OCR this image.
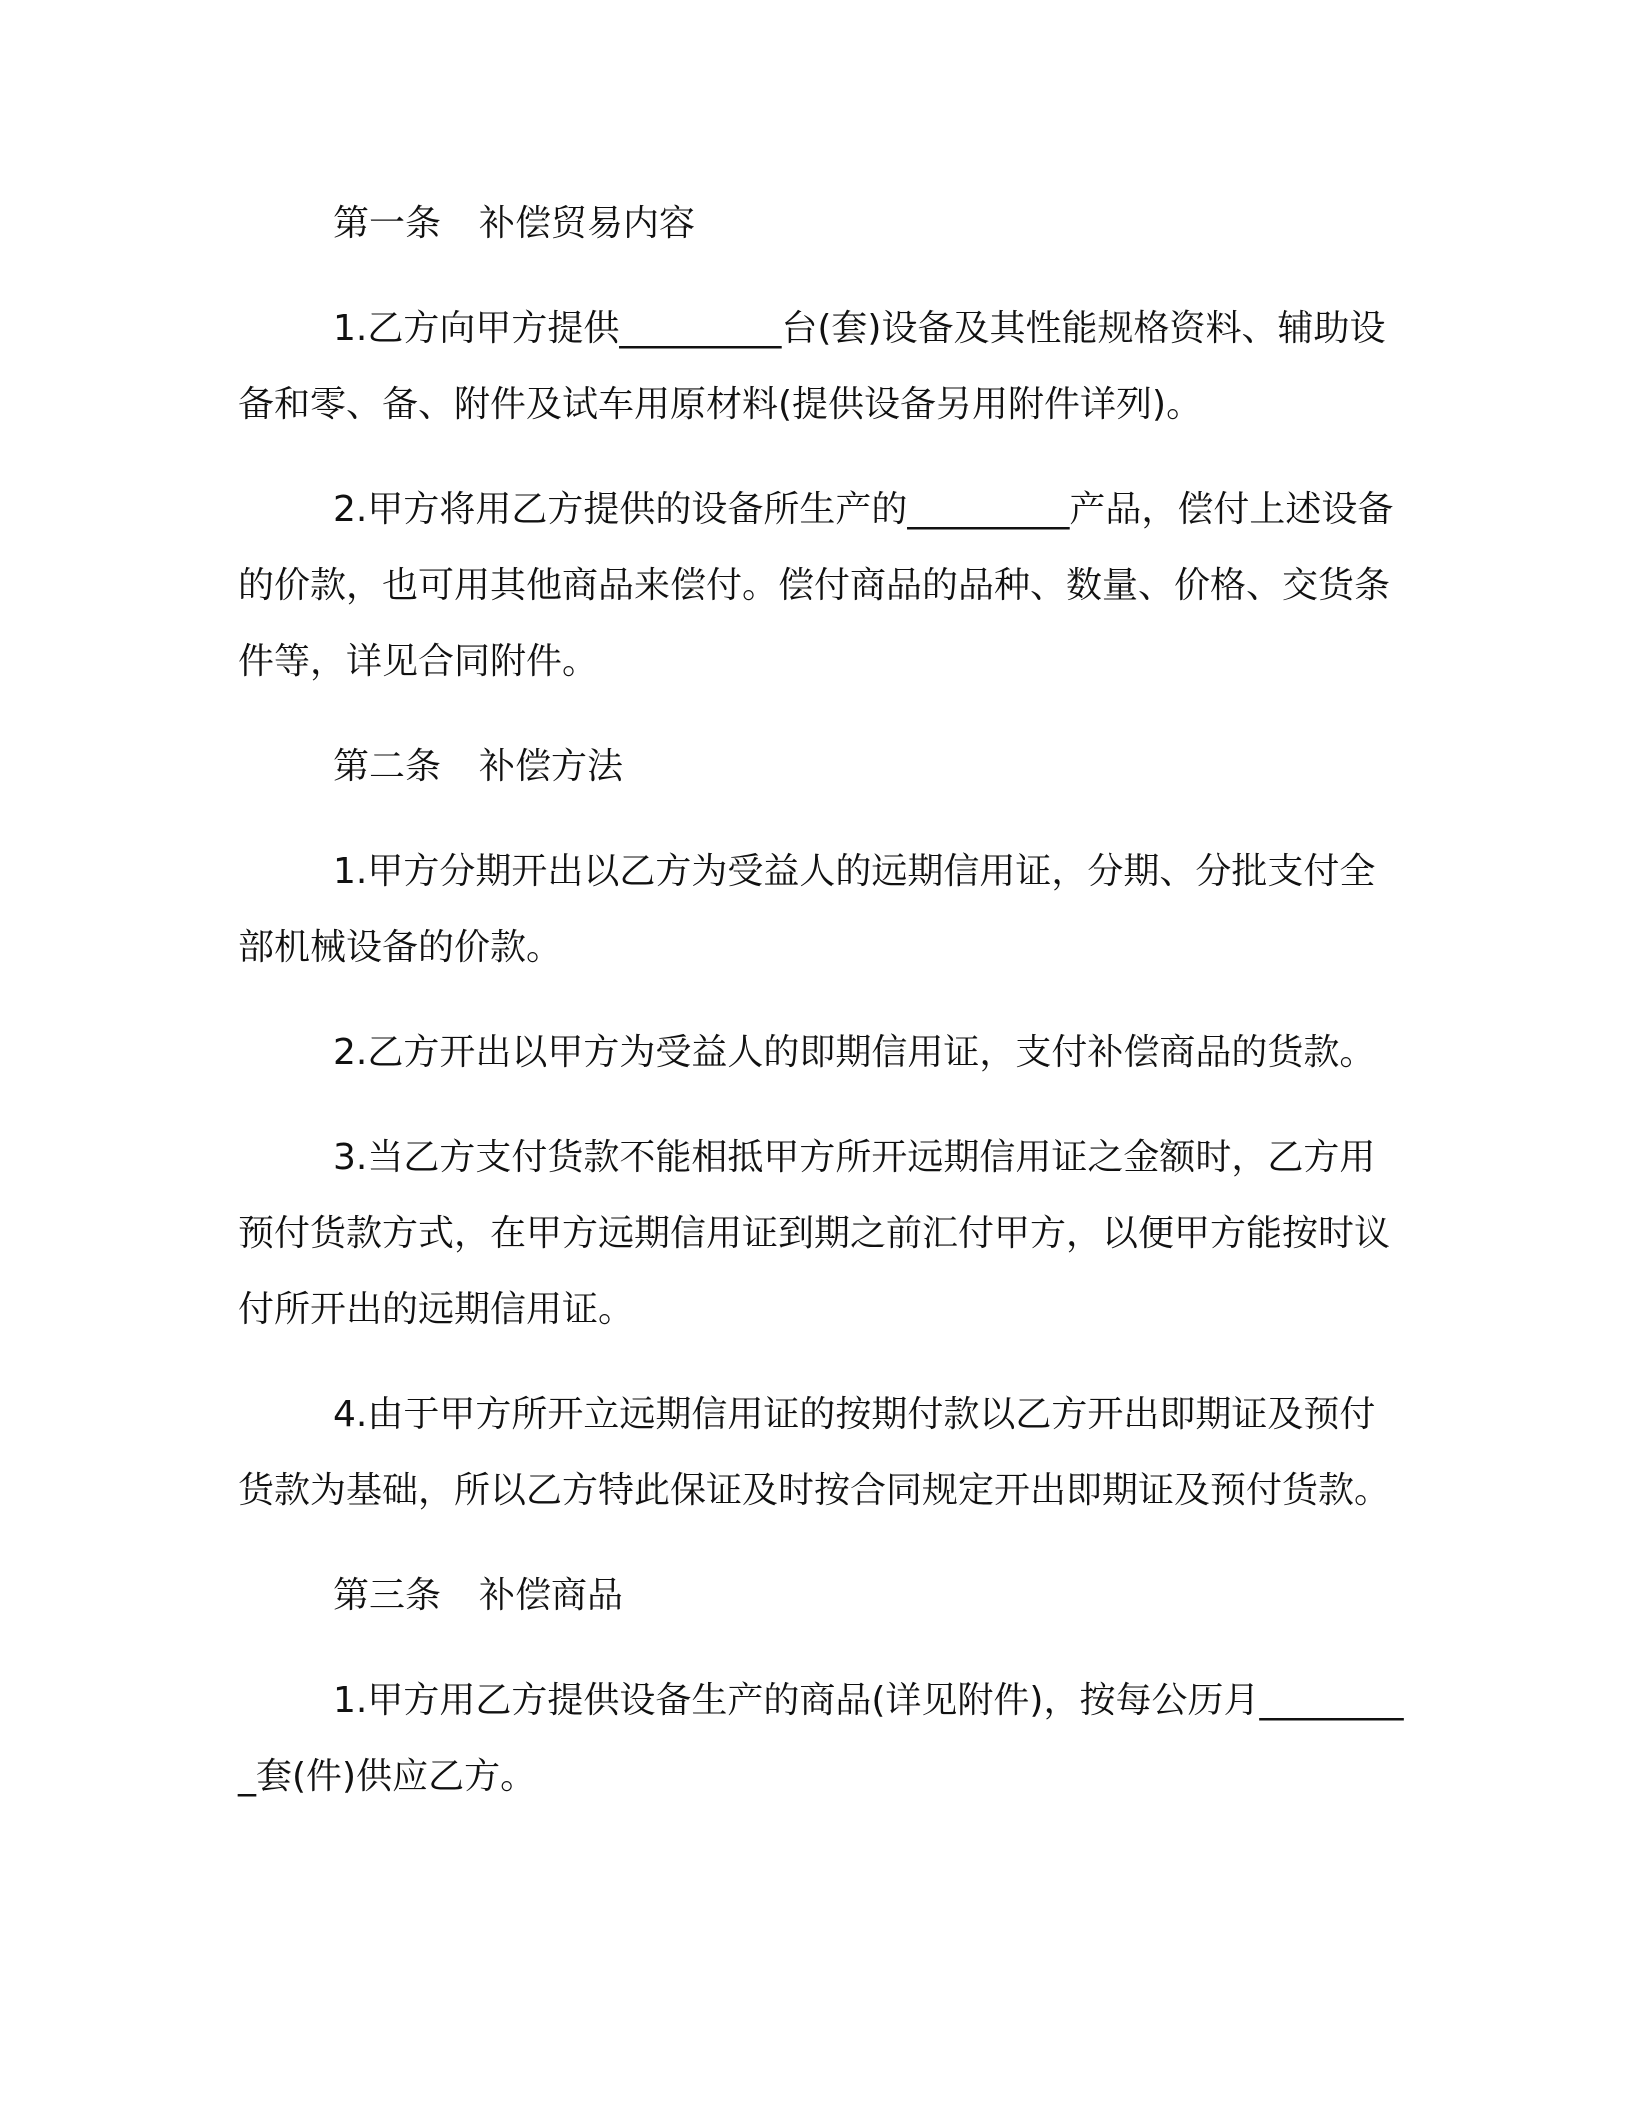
第一条 补偿贸易内容

1.乙方向甲方提供_________台(套)设备及其性能规格资料、辅助设备和零、备、附件及试车用原材料(提供设备另用附件详列)。

2.甲方将用乙方提供的设备所生产的_________产品，偿付上述设备的价款，也可用其他商品来偿付。偿付商品的品种、数量、价格、交货条件等，详见合同附件。

第二条 补偿方法

1.甲方分期开出以乙方为受益人的远期信用证，分期、分批支付全部机械设备的价款。

2.乙方开出以甲方为受益人的即期信用证，支付补偿商品的货款。

3.当乙方支付货款不能相抵甲方所开远期信用证之金额时，乙方用预付货款方式，在甲方远期信用证到期之前汇付甲方，以便甲方能按时议付所开出的远期信用证。

4.由于甲方所开立远期信用证的按期付款以乙方开出即期证及预付货款为基础，所以乙方特此保证及时按合同规定开出即期证及预付货款。

第三条 补偿商品

1.甲方用乙方提供设备生产的商品(详见附件)，按每公历月_________套(件)供应乙方。
